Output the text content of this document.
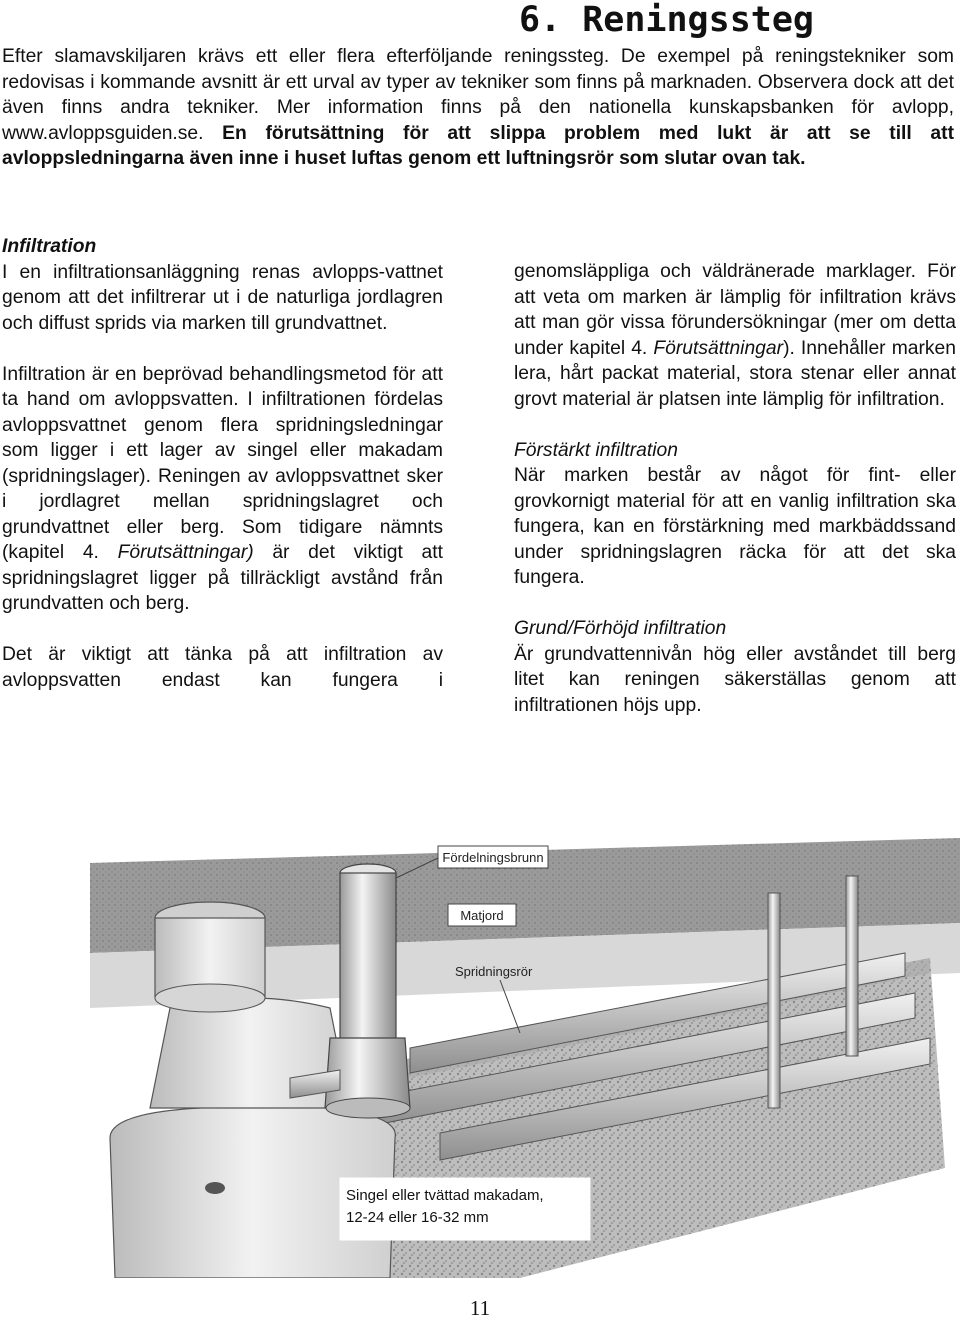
6. Reningssteg

Efter slamavskiljaren krävs ett eller flera efterföljande reningssteg. De exempel på reningstekniker som redovisas i kommande avsnitt är ett urval av typer av tekniker som finns på marknaden. Observera dock att det även finns andra tekniker. Mer information finns på den nationella kunskapsbanken för avlopp, www.avloppsguiden.se. En förutsättning för att slippa problem med lukt är att se till att avloppsledningarna även inne i huset luftas genom ett luftningsrör som slutar ovan tak.

Infiltration

I en infiltrationsanläggning renas avlopps-vattnet genom att det infiltrerar ut i de naturliga jordlagren och diffust sprids via marken till grundvattnet.

Infiltration är en beprövad behandlingsmetod för att ta hand om avloppsvatten. I infiltrationen fördelas avloppsvattnet genom flera spridningsledningar som ligger i ett lager av singel eller makadam (spridningslager). Reningen av avloppsvattnet sker i jordlagret mellan spridningslagret och grundvattnet eller berg. Som tidigare nämnts (kapitel 4. Förutsättningar) är det viktigt att spridningslagret ligger på tillräckligt avstånd från grundvatten och berg.

Det är viktigt att tänka på att infiltration av avloppsvatten endast kan fungera i

genomsläppliga och väldränerade marklager. För att veta om marken är lämplig för infiltration krävs att man gör vissa förundersökningar (mer om detta under kapitel 4. Förutsättningar). Innehåller marken lera, hårt packat material, stora stenar eller annat grovt material är platsen inte lämplig för infiltration.

Förstärkt infiltration

När marken består av något för fint- eller grovkornigt material för att en vanlig infiltration ska fungera, kan en förstärkning med markbäddssand under spridningslagren räcka för att det ska fungera.

Grund/Förhöjd infiltration

Är grundvattennivån hög eller avståndet till berg litet kan reningen säkerställas genom att infiltrationen höjs upp.

Fördelningsbrunn
Matjord
Spridningsrör
Singel eller tvättad makadam,
12-24 eller 16-32 mm
11
